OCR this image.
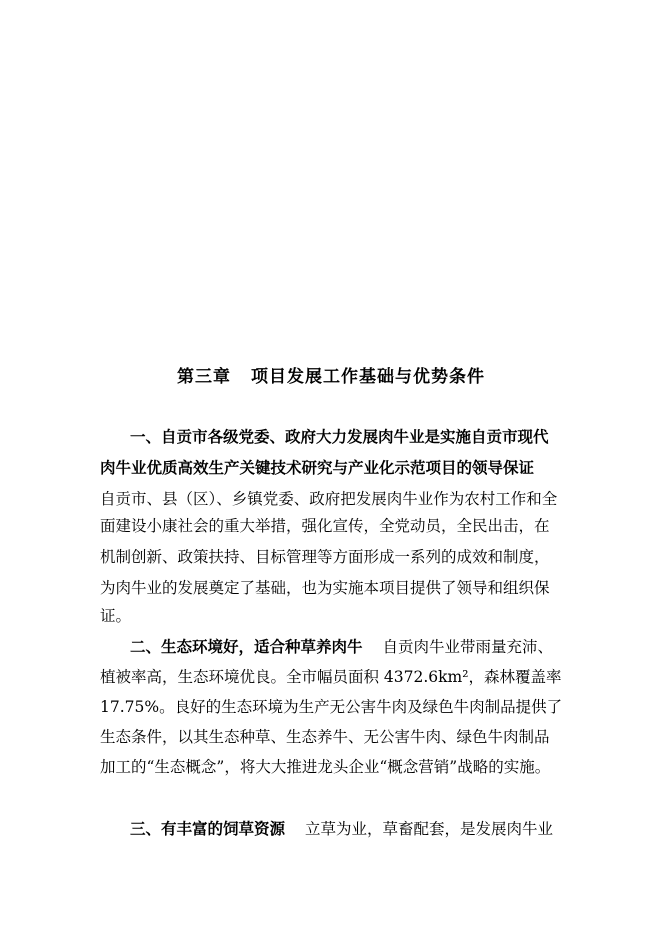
第三章 项目发展工作基础与优势条件
一、自贡市各级党委、政府大力发展肉牛业是实施自贡市现代
肉牛业优质高效生产关键技术研究与产业化示范项目的领导保证
自贡市、县（区）、乡镇党委、政府把发展肉牛业作为农村工作和全
面建设小康社会的重大举措，强化宣传，全党动员，全民出击，在
机制创新、政策扶持、目标管理等方面形成一系列的成效和制度，
为肉牛业的发展奠定了基础，也为实施本项目提供了领导和组织保
证。
二、生态环境好，适合种草养肉牛 自贡肉牛业带雨量充沛、
植被率高，生态环境优良。全市幅员面积 4372.6km²，森林覆盖率
17.75%。良好的生态环境为生产无公害牛肉及绿色牛肉制品提供了
生态条件，以其生态种草、生态养牛、无公害牛肉、绿色牛肉制品
加工的“生态概念”，将大大推进龙头企业“概念营销”战略的实施。
三、有丰富的饲草资源 立草为业，草畜配套，是发展肉牛业
